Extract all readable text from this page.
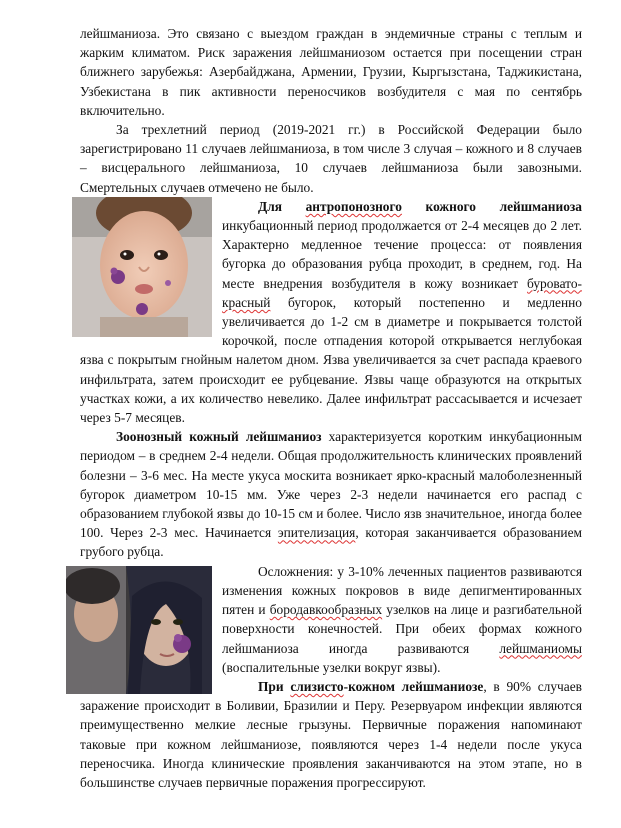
лейшманиоза. Это связано с выездом граждан в эндемичные страны с теплым и жарким климатом. Риск заражения лейшманиозом остается при посещении стран ближнего зарубежья: Азербайджана, Армении, Грузии, Кыргызстана, Таджикистана, Узбекистана в пик активности переносчиков возбудителя с мая по сентябрь включительно.

За трехлетний период (2019-2021 гг.) в Российской Федерации было зарегистрировано 11 случаев лейшманиоза, в том числе 3 случая – кожного и 8 случаев – висцерального лейшманиоза, 10 случаев лейшманиоза были завозными. Смертельных случаев отмечено не было.

Для антропонозного кожного лейшманиоза инкубационный период продолжается от 2-4 месяцев до 2 лет. Характерно медленное течение процесса: от появления бугорка до образования рубца проходит, в среднем, год. На месте внедрения возбудителя в кожу возникает буровато-красный бугорок, который постепенно и медленно увеличивается до 1-2 см в диаметре и покрывается толстой корочкой, после отпадения которой открывается неглубокая язва с покрытым гнойным налетом дном. Язва увеличивается за счет распада краевого инфильтрата, затем происходит ее рубцевание. Язвы чаще образуются на открытых участках кожи, а их количество невелико. Далее инфильтрат рассасывается и исчезает через 5-7 месяцев.

Зоонозный кожный лейшманиоз характеризуется коротким инкубационным периодом – в среднем 2-4 недели. Общая продолжительность клинических проявлений болезни – 3-6 мес. На месте укуса москита возникает ярко-красный малоболезненный бугорок диаметром 10-15 мм. Уже через 2-3 недели начинается его распад с образованием глубокой язвы до 10-15 см и более. Число язв значительное, иногда более 100. Через 2-3 мес. Начинается эпителизация, которая заканчивается образованием грубого рубца.

Осложнения: у 3-10% леченных пациентов развиваются изменения кожных покровов в виде депигментированных пятен и бородавкообразных узелков на лице и разгибательной поверхности конечностей. При обеих формах кожного лейшманиоза иногда развиваются лейшманиомы (воспалительные узелки вокруг язвы).

При слизисто-кожном лейшманиозе, в 90% случаев заражение происходит в Боливии, Бразилии и Перу. Резервуаром инфекции являются преимущественно мелкие лесные грызуны. Первичные поражения напоминают таковые при кожном лейшманиозе, появляются через 1-4 недели после укуса переносчика. Иногда клинические проявления заканчиваются на этом этапе, но в большинстве случаев первичные поражения прогрессируют.
